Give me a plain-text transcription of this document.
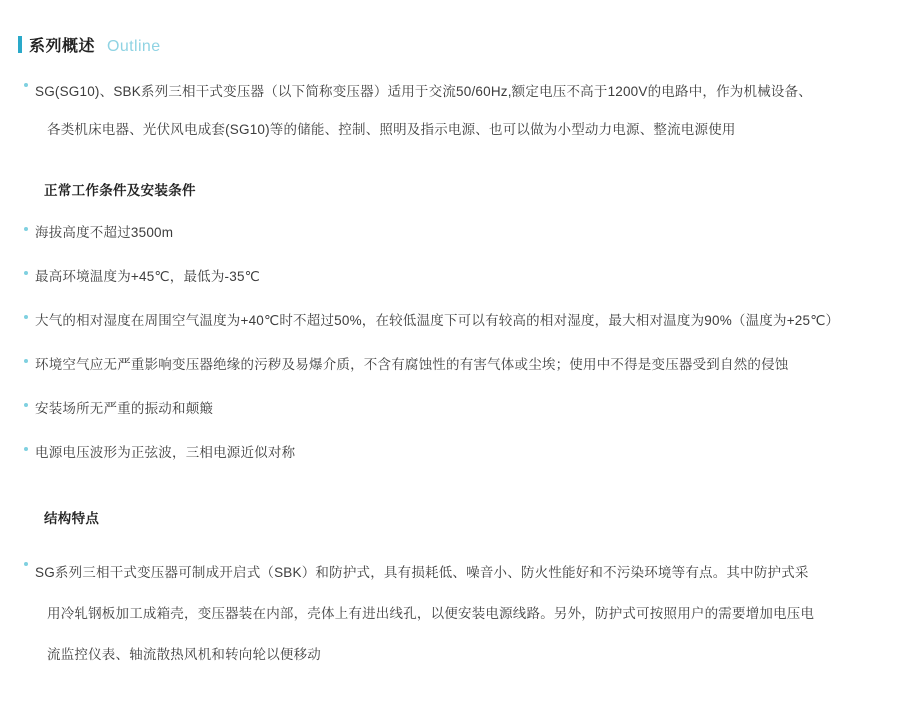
系列概述 Outline
SG(SG10)、SBK系列三相干式变压器（以下简称变压器）适用于交流50/60Hz,额定电压不高于1200V的电路中，作为机械设备、
各类机床电器、光伏风电成套(SG10)等的储能、控制、照明及指示电源、也可以做为小型动力电源、整流电源使用
正常工作条件及安装条件
海拔高度不超过3500m
最高环境温度为+45℃，最低为-35℃
大气的相对湿度在周围空气温度为+40℃时不超过50%，在较低温度下可以有较高的相对湿度，最大相对温度为90%（温度为+25℃）
环境空气应无严重影响变压器绝缘的污秽及易爆介质，不含有腐蚀性的有害气体或尘埃；使用中不得是变压器受到自然的侵蚀
安装场所无严重的振动和颠簸
电源电压波形为正弦波，三相电源近似对称
结构特点
SG系列三相干式变压器可制成开启式（SBK）和防护式，具有损耗低、噪音小、防火性能好和不污染环境等有点。其中防护式采
用冷轧钢板加工成箱壳，变压器装在内部，壳体上有进出线孔，以便安装电源线路。另外，防护式可按照用户的需要增加电压电
流监控仪表、轴流散热风机和转向轮以便移动
